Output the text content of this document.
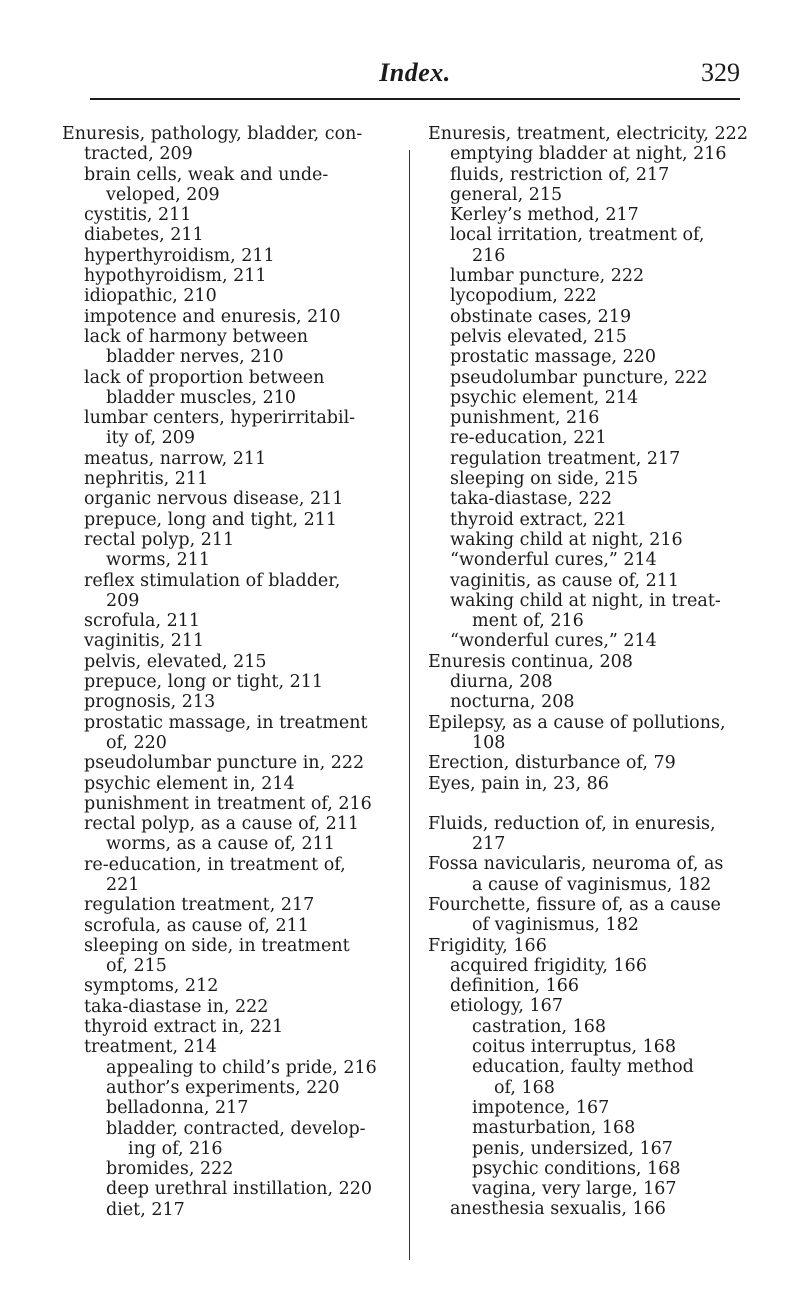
Index.	329
Enuresis, pathology, bladder, con-
tracted, 209
brain cells, weak and unde-
veloped, 209
cystitis, 211
diabetes, 211
hyperthyroidism, 211
hypothyroidism, 211
idiopathic, 210
impotence and enuresis, 210
lack of harmony between
bladder nerves, 210
lack of proportion between
bladder muscles, 210
lumbar centers, hyperirritabil-
ity of, 209
meatus, narrow, 211
nephritis, 211
organic nervous disease, 211
prepuce, long and tight, 211
rectal polyp, 211
worms, 211
reflex stimulation of bladder,
209
scrofula, 211
vaginitis, 211
pelvis, elevated, 215
prepuce, long or tight, 211
prognosis, 213
prostatic massage, in treatment
of, 220
pseudolumbar puncture in, 222
psychic element in, 214
punishment in treatment of, 216
rectal polyp, as a cause of, 211
worms, as a cause of, 211
re-education, in treatment of,
221
regulation treatment, 217
scrofula, as cause of, 211
sleeping on side, in treatment
of, 215
symptoms, 212
taka-diastase in, 222
thyroid extract in, 221
treatment, 214
appealing to child’s pride, 216
author’s experiments, 220
belladonna, 217
bladder, contracted, develop-
ing of, 216
bromides, 222
deep urethral instillation, 220
diet, 217
Enuresis, treatment, electricity, 222
emptying bladder at night, 216
fluids, restriction of, 217
general, 215
Kerley’s method, 217
local irritation, treatment of,
216
lumbar puncture, 222
lycopodium, 222
obstinate cases, 219
pelvis elevated, 215
prostatic massage, 220
pseudolumbar puncture, 222
psychic element, 214
punishment, 216
re-education, 221
regulation treatment, 217
sleeping on side, 215
taka-diastase, 222
thyroid extract, 221
waking child at night, 216
“wonderful cures,” 214
vaginitis, as cause of, 211
waking child at night, in treat-
ment of, 216
“wonderful cures,” 214
Enuresis continua, 208
diurna, 208
nocturna, 208
Epilepsy, as a cause of pollutions,
108
Erection, disturbance of, 79
Eyes, pain in, 23, 86
Fluids, reduction of, in enuresis,
217
Fossa navicularis, neuroma of, as
a cause of vaginismus, 182
Fourchette, fissure of, as a cause
of vaginismus, 182
Frigidity, 166
acquired frigidity, 166
definition, 166
etiology, 167
castration, 168
coitus interruptus, 168
education, faulty method
of, 168
impotence, 167
masturbation, 168
penis, undersized, 167
psychic conditions, 168
vagina, very large, 167
anesthesia sexualis, 166
